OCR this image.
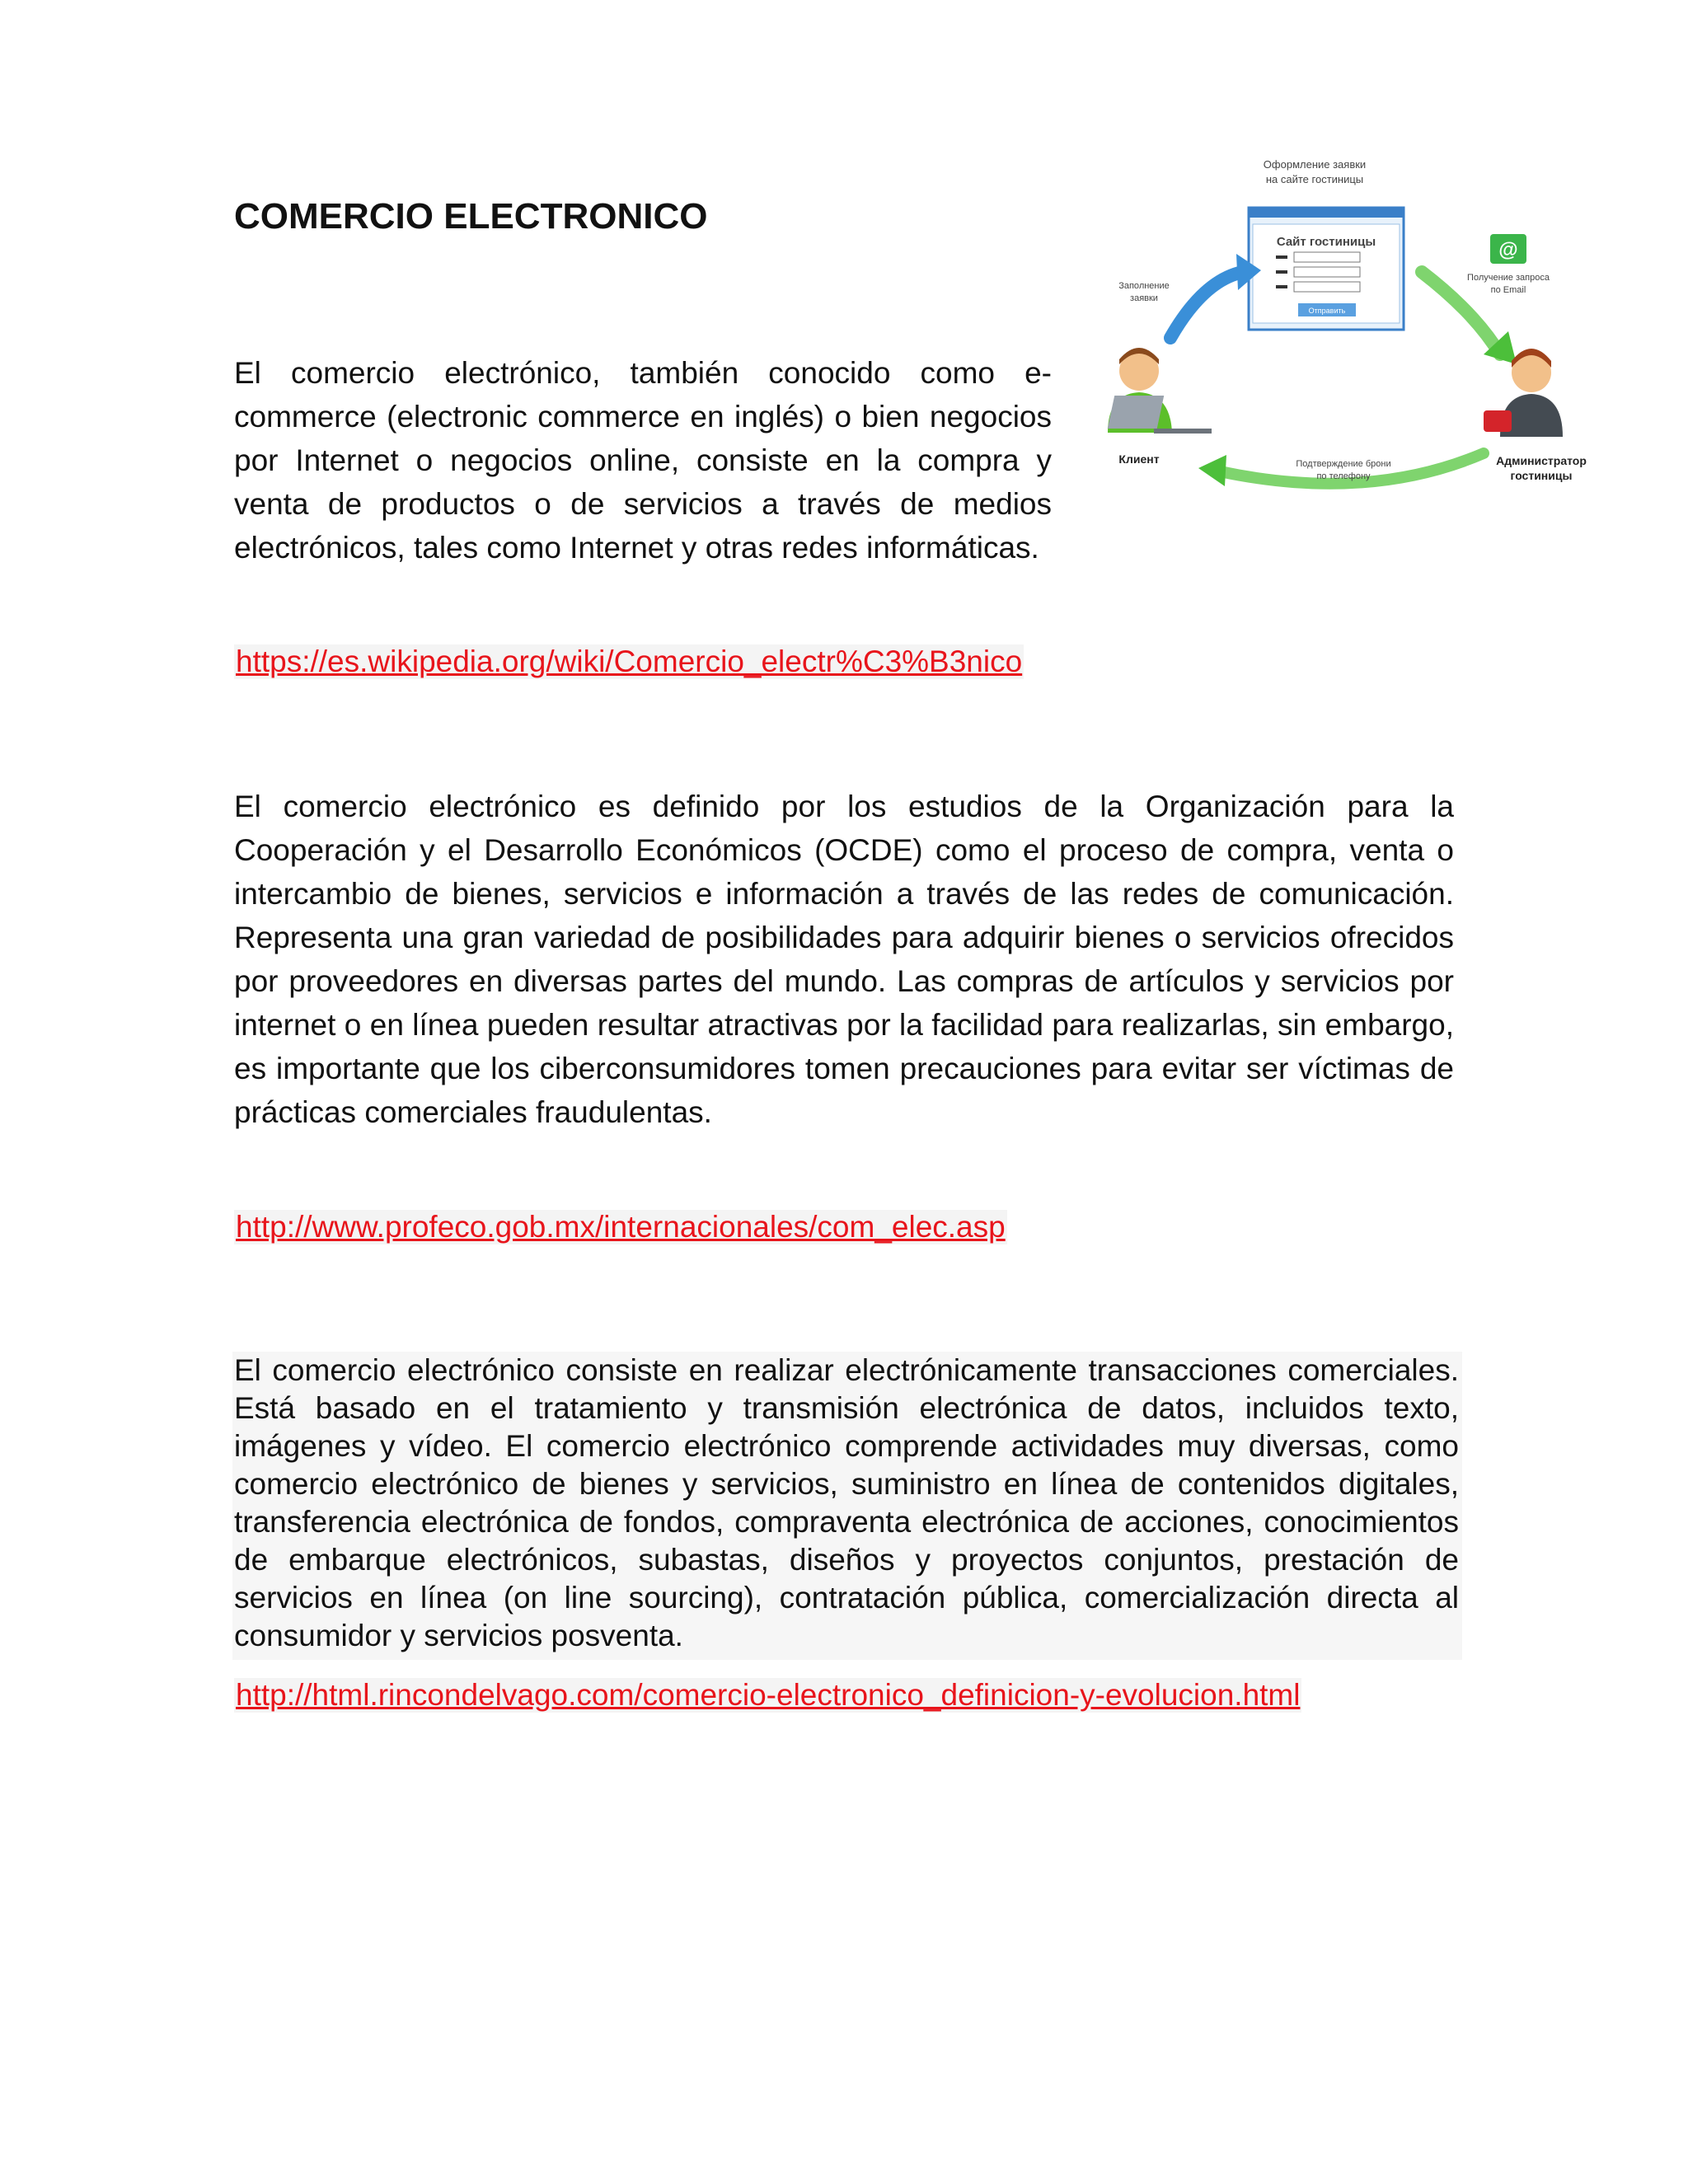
COMERCIO ELECTRONICO
Оформление заявки
на сайте гостиницы
Сайт гостиницы
Отправить
Заполнение
заявки
@
Получение запроса
по Email
Клиент	Администратор
гостиницы
Подтверждение брони
по телефону

El comercio electrónico, también conocido como e-commerce (electronic commerce en inglés) o bien negocios por Internet o negocios online, consiste en la compra y venta de productos o de servicios a través de medios electrónicos, tales como Internet y otras redes informáticas.

https://es.wikipedia.org/wiki/Comercio_electr%C3%B3nico

El comercio electrónico es definido por los estudios de la Organización para la Cooperación y el Desarrollo Económicos (OCDE) como el proceso de compra, venta o intercambio de bienes, servicios e información a través de las redes de comunicación. Representa una gran variedad de posibilidades para adquirir bienes o servicios ofrecidos por proveedores en diversas partes del mundo. Las compras de artículos y servicios por internet o en línea pueden resultar atractivas por la facilidad para realizarlas, sin embargo, es importante que los ciberconsumidores tomen precauciones para evitar ser víctimas de prácticas comerciales fraudulentas.

http://www.profeco.gob.mx/internacionales/com_elec.asp

El comercio electrónico consiste en realizar electrónicamente transacciones comerciales. Está basado en el tratamiento y transmisión electrónica de datos, incluidos texto, imágenes y vídeo. El comercio electrónico comprende actividades muy diversas, como comercio electrónico de bienes y servicios, suministro en línea de contenidos digitales, transferencia electrónica de fondos, compraventa electrónica de acciones, conocimientos de embarque electrónicos, subastas, diseños y proyectos conjuntos, prestación de servicios en línea (on line sourcing), contratación pública, comercialización directa al consumidor y servicios posventa.

http://html.rincondelvago.com/comercio-electronico_definicion-y-evolucion.html
